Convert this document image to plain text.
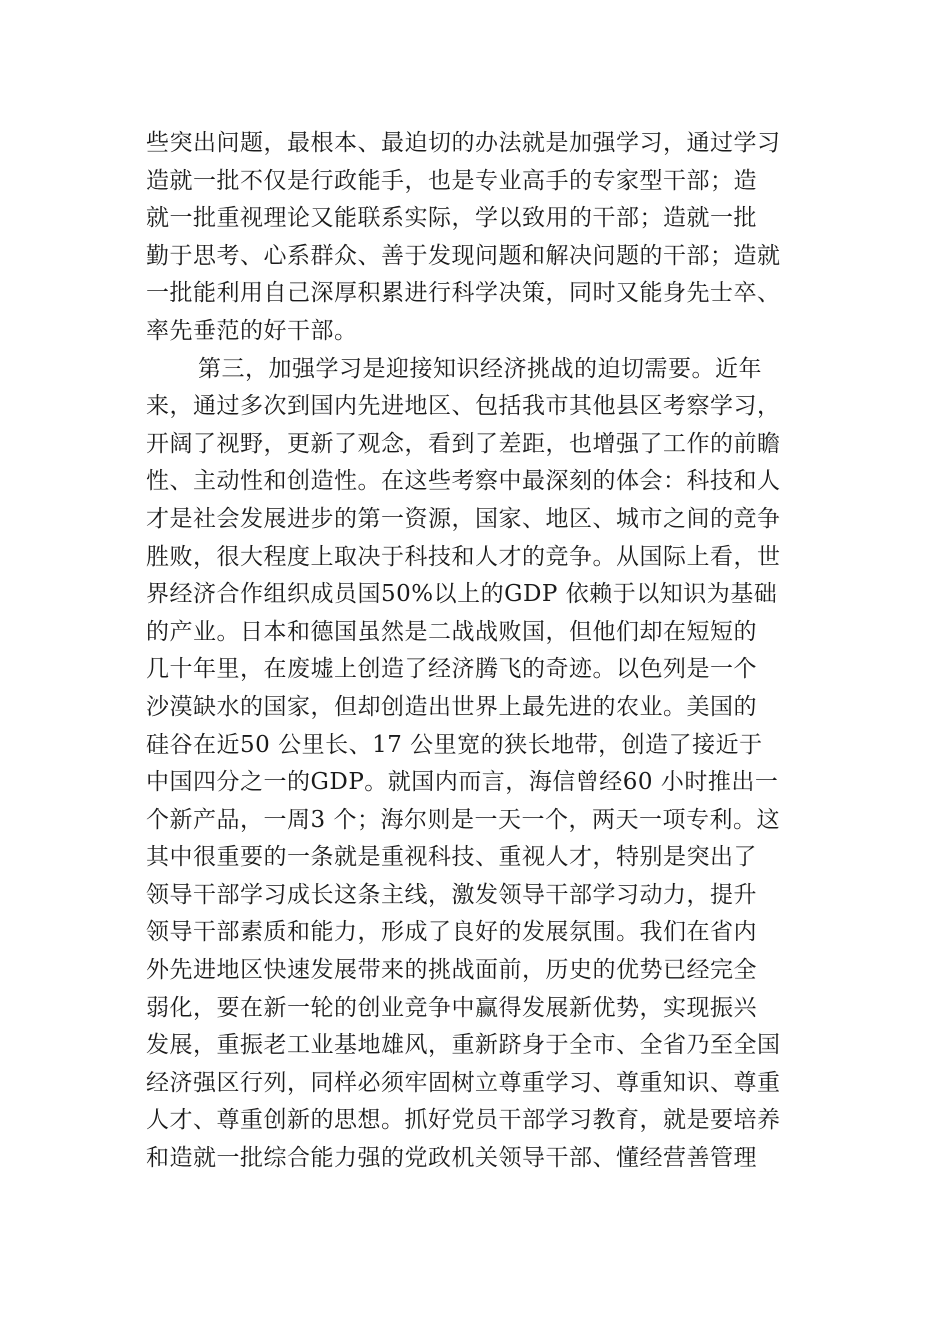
些突出问题，最根本、最迫切的办法就是加强学习，通过学习
造就一批不仅是行政能手，也是专业高手的专家型干部；造
就一批重视理论又能联系实际，学以致用的干部；造就一批
勤于思考、心系群众、善于发现问题和解决问题的干部；造就
一批能利用自己深厚积累进行科学决策，同时又能身先士卒、
率先垂范的好干部。
第三，加强学习是迎接知识经济挑战的迫切需要。近年
来，通过多次到国内先进地区、包括我市其他县区考察学习，
开阔了视野，更新了观念，看到了差距，也增强了工作的前瞻
性、主动性和创造性。在这些考察中最深刻的体会：科技和人
才是社会发展进步的第一资源，国家、地区、城市之间的竞争
胜败，很大程度上取决于科技和人才的竞争。从国际上看，世
界经济合作组织成员国50%以上的GDP 依赖于以知识为基础
的产业。日本和德国虽然是二战战败国，但他们却在短短的
几十年里，在废墟上创造了经济腾飞的奇迹。以色列是一个
沙漠缺水的国家，但却创造出世界上最先进的农业。美国的
硅谷在近50 公里长、17 公里宽的狭长地带，创造了接近于
中国四分之一的GDP。就国内而言，海信曾经60 小时推出一
个新产品，一周3 个；海尔则是一天一个，两天一项专利。这
其中很重要的一条就是重视科技、重视人才，特别是突出了
领导干部学习成长这条主线，激发领导干部学习动力，提升
领导干部素质和能力，形成了良好的发展氛围。我们在省内
外先进地区快速发展带来的挑战面前，历史的优势已经完全
弱化，要在新一轮的创业竞争中赢得发展新优势，实现振兴
发展，重振老工业基地雄风，重新跻身于全市、全省乃至全国
经济强区行列，同样必须牢固树立尊重学习、尊重知识、尊重
人才、尊重创新的思想。抓好党员干部学习教育，就是要培养
和造就一批综合能力强的党政机关领导干部、懂经营善管理
